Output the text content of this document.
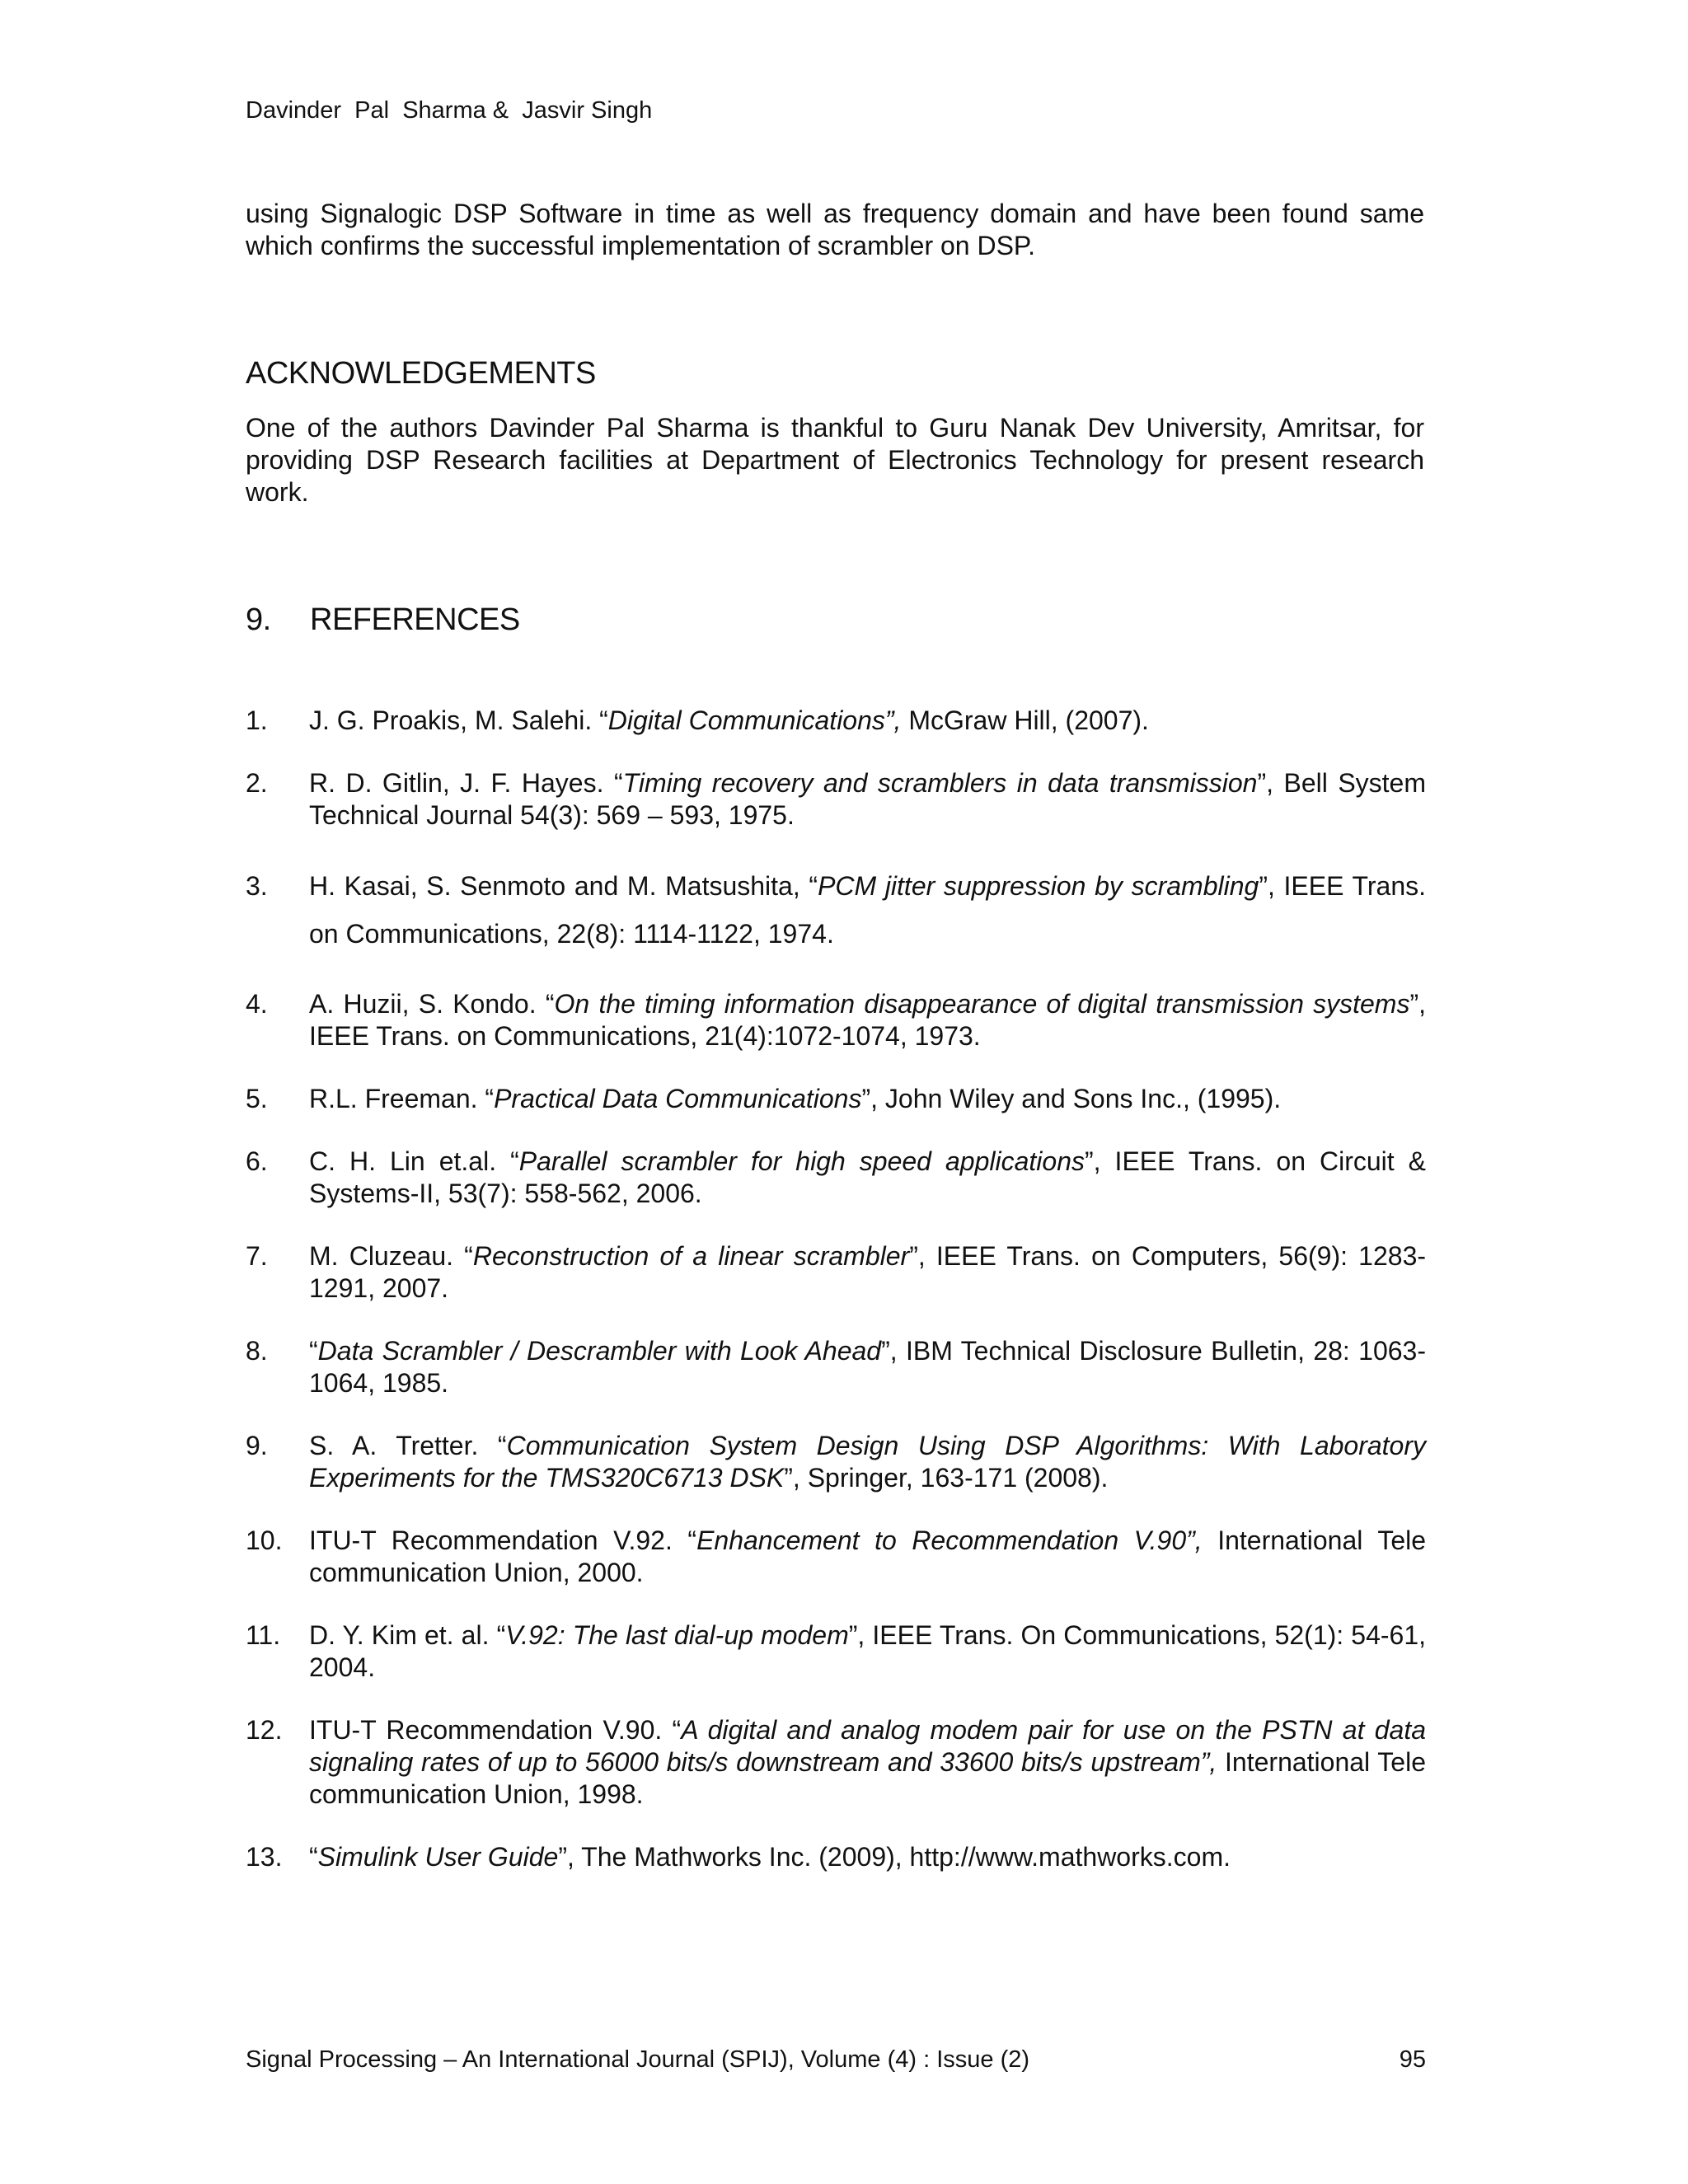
Davinder  Pal  Sharma &  Jasvir Singh

using Signalogic DSP Software in time as well as frequency domain and have been found same which confirms the successful implementation of scrambler on DSP.

ACKNOWLEDGEMENTS

One of the authors Davinder Pal Sharma is thankful to Guru Nanak Dev University, Amritsar, for providing DSP Research facilities at Department of Electronics Technology for present research work.

9. REFERENCES
1. J. G. Proakis, M. Salehi. “Digital Communications”, McGraw Hill, (2007).
2. R. D. Gitlin, J. F. Hayes. “Timing recovery and scramblers in data transmission”, Bell System Technical Journal 54(3): 569 – 593, 1975.
3. H. Kasai, S. Senmoto and M. Matsushita, “PCM jitter suppression by scrambling”, IEEE Trans. on Communications, 22(8): 1114-1122, 1974.
4. A. Huzii, S. Kondo. “On the timing information disappearance of digital transmission systems”, IEEE Trans. on Communications, 21(4):1072-1074, 1973.
5. R.L. Freeman. “Practical Data Communications”, John Wiley and Sons Inc., (1995).
6. C. H. Lin et.al. “Parallel scrambler for high speed applications”, IEEE Trans. on Circuit & Systems-II, 53(7): 558-562, 2006.
7. M. Cluzeau. “Reconstruction of a linear scrambler”, IEEE Trans. on Computers, 56(9): 1283-1291, 2007.
8. “Data Scrambler / Descrambler with Look Ahead”, IBM Technical Disclosure Bulletin, 28: 1063-1064, 1985.
9. S. A. Tretter. “Communication System Design Using DSP Algorithms: With Laboratory Experiments for the TMS320C6713 DSK”, Springer, 163-171 (2008).
10. ITU-T Recommendation V.92. “Enhancement to Recommendation V.90”, International Tele communication Union, 2000.
11. D. Y. Kim et. al. “V.92: The last dial-up modem”, IEEE Trans. On Communications, 52(1): 54-61, 2004.
12. ITU-T Recommendation V.90. “A digital and analog modem pair for use on the PSTN at data signaling rates of up to 56000 bits/s downstream and 33600 bits/s upstream”, International Tele communication Union, 1998.
13. “Simulink User Guide”, The Mathworks Inc. (2009), http://www.mathworks.com.
Signal Processing – An International Journal (SPIJ), Volume (4) : Issue (2)	95
